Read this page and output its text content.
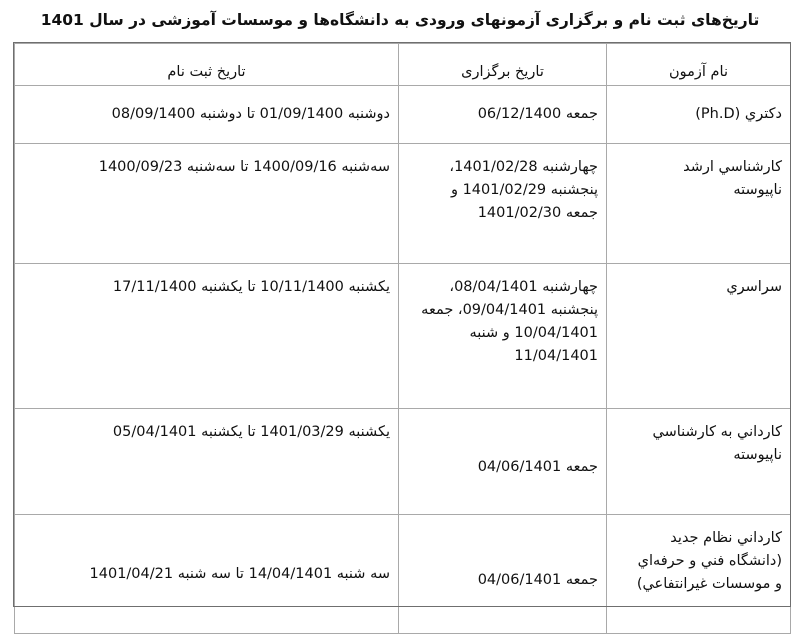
تاریخ‌های ثبت نام و برگزاری آزمونهای ورودی به دانشگاه‌ها و موسسات آموزشی در سال 1401
نام آزمون	تاریخ برگزاری	تاریخ ثبت نام

دکتري (Ph.D)	جمعه 06/12/1400	دوشنبه 01/09/1400 تا دوشنبه 08/09/1400

کارشناسي ارشد
ناپيوسته	چهارشنبه 1401/02/28،
پنجشنبه 1401/02/29 و
جمعه 1401/02/30	سه‌شنبه 1400/09/16 تا سه‌شنبه 1400/09/23

سراسري	چهارشنبه 08/04/1401،
پنجشنبه 09/04/1401، جمعه
10/04/1401 و شنبه
11/04/1401	يکشنبه 10/11/1400 تا يکشنبه 17/11/1400

کارداني به کارشناسي
ناپيوسته	جمعه 04/06/1401	يکشنبه 1401/03/29 تا يکشنبه 05/04/1401

کارداني نظام جديد
(دانشگاه فني و حرفه‌اي
و موسسات غيرانتفاعي)	جمعه 04/06/1401	سه شنبه 14/04/1401 تا سه شنبه 1401/04/21
